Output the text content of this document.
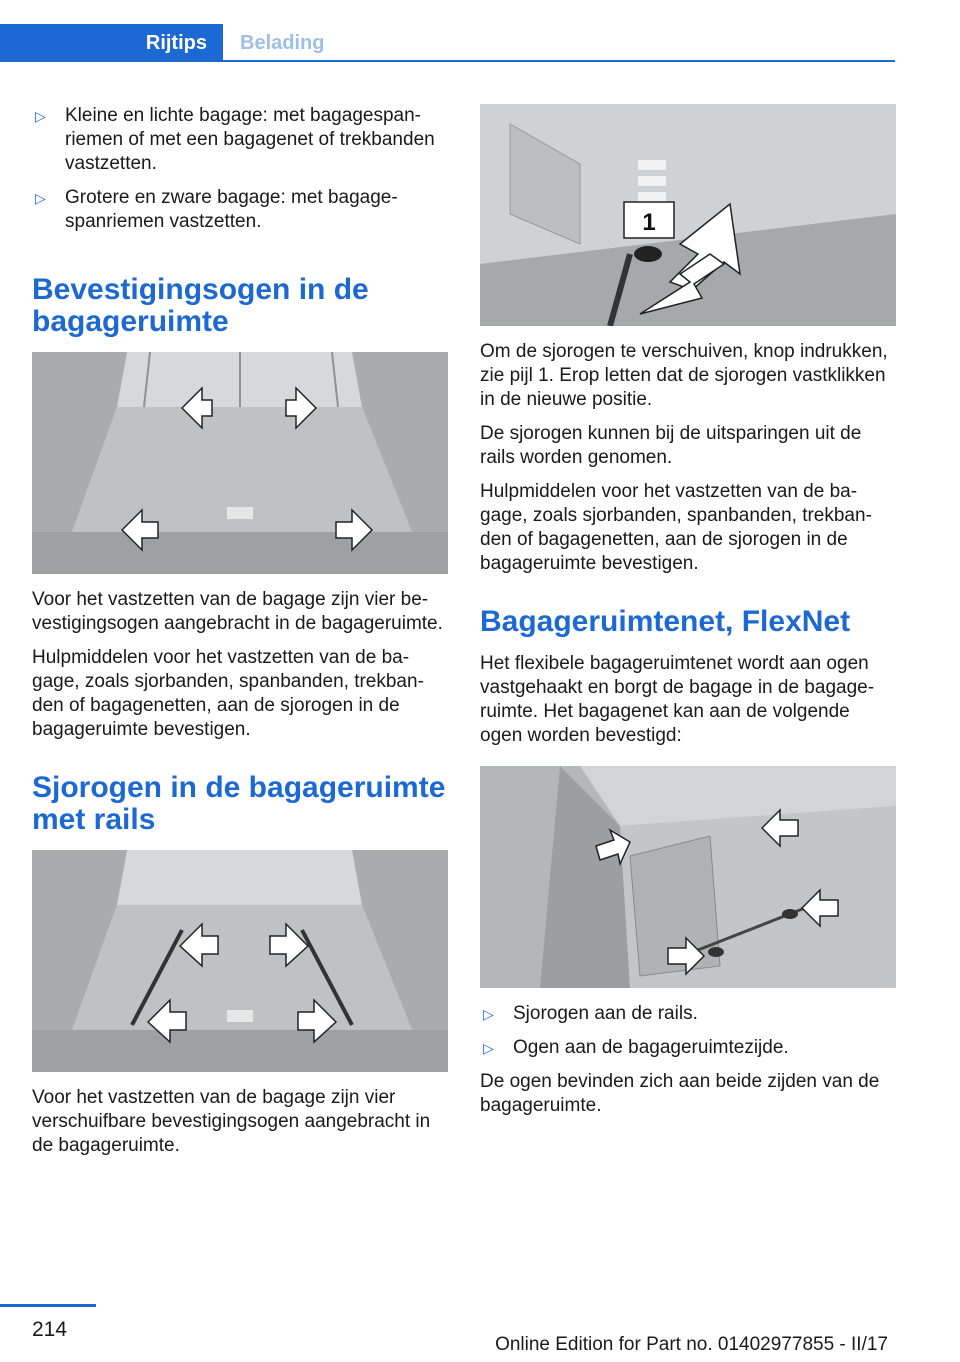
Rijtips	Belading
▷	Kleine en lichte bagage: met bagagespanriemen of met een bagagenet of trekbanden vastzetten.
▷	Grotere en zware bagage: met bagagespanriemen vastzetten.
Bevestigingsogen in de bagageruimte

Voor het vastzetten van de bagage zijn vier bevestigingsogen aangebracht in de bagageruimte.

Hulpmiddelen voor het vastzetten van de bagage, zoals sjorbanden, spanbanden, trekbanden of bagagenetten, aan de sjorogen in de bagageruimte bevestigen.

Sjorogen in de bagageruimte met rails

Voor het vastzetten van de bagage zijn vier verschuifbare bevestigingsogen aangebracht in de bagageruimte.

1

Om de sjorogen te verschuiven, knop indrukken, zie pijl 1. Erop letten dat de sjorogen vastklikken in de nieuwe positie.

De sjorogen kunnen bij de uitsparingen uit de rails worden genomen.

Hulpmiddelen voor het vastzetten van de bagage, zoals sjorbanden, spanbanden, trekbanden of bagagenetten, aan de sjorogen in de bagageruimte bevestigen.

Bagageruimtenet, FlexNet

Het flexibele bagageruimtenet wordt aan ogen vastgehaakt en borgt de bagage in de bagageruimte. Het bagagenet kan aan de volgende ogen worden bevestigd:

▷	Sjorogen aan de rails.
▷	Ogen aan de bagageruimtezijde.

De ogen bevinden zich aan beide zijden van de bagageruimte.

214
Online Edition for Part no. 01402977855 - II/17
